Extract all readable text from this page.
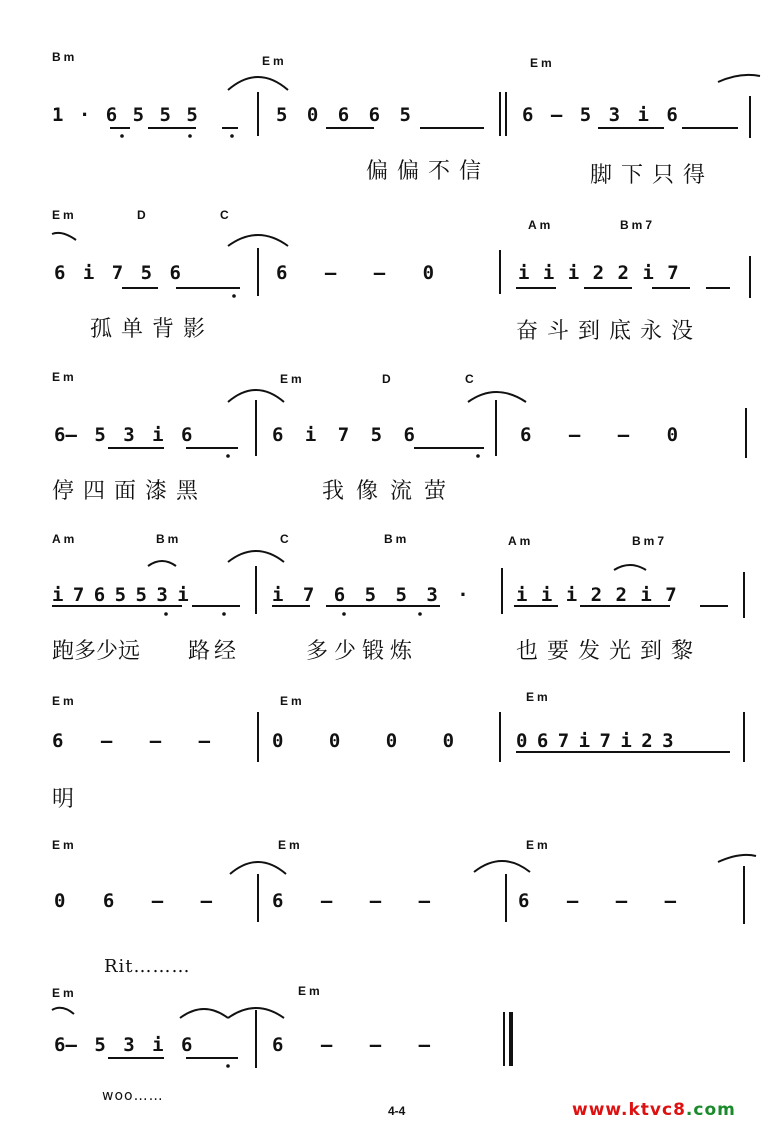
Bm	Em	Em
1 · 6 5 5 5	5 0 6 6 5	6 — 5 3 i 6
偏偏不信	脚下只得
Em	D	C
Am	Bm7
6 i 7 5 6	6 — — 0	i i i 2 2 i 7
孤单背影	奋斗到底永没
Em	Em	D	C
6— 5 3 i 6	6 i 7 5 6	6 — — 0
停四面漆黑	我像流萤
Am	Bm	C	Bm	Am	Bm7
i 7 6 5 5 3 i	i 7 6 5 5 3 · i i i 2 2 i 7
跑多少远 路经	多少锻炼	也要发光到黎
Em	Em	Em
6 — — —	0 0 0 0	0 6 7 i 7 i 2 3
明
Em	Em	Em
0 6 — —	6 — — —	6 — — —
Rit………
Em	Em
6— 5 3 i 6	6 — — —
woo……
4-4	www.ktvc8.com
